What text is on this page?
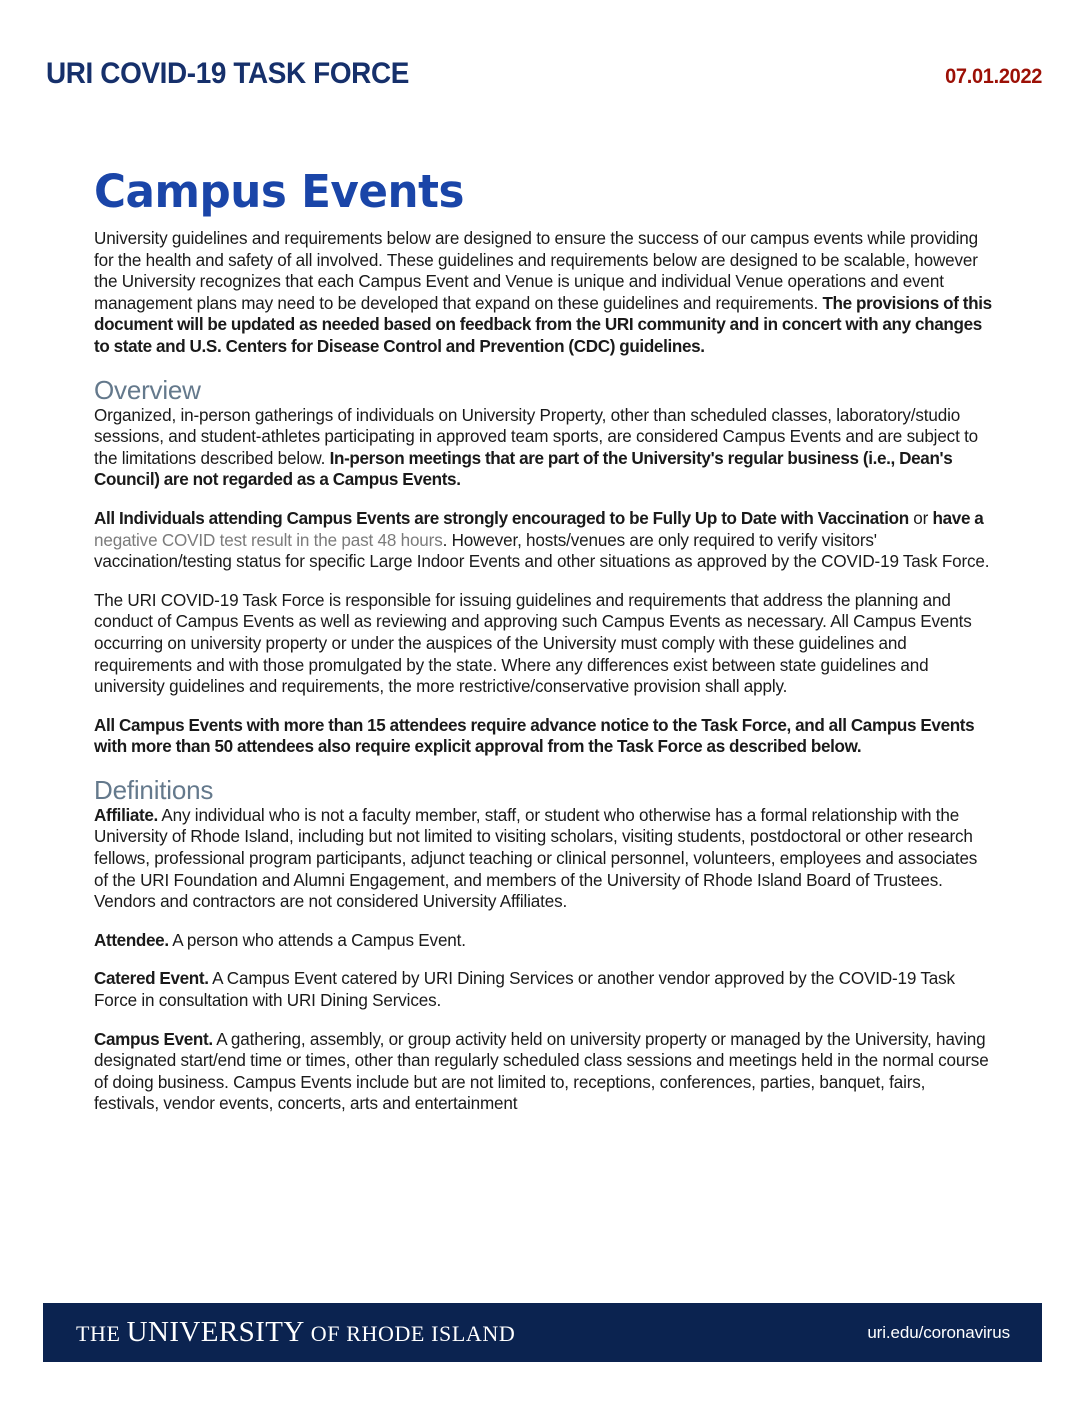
URI COVID-19 TASK FORCE	07.01.2022
Campus Events

University guidelines and requirements below are designed to ensure the success of our campus events while providing for the health and safety of all involved. These guidelines and requirements below are designed to be scalable, however the University recognizes that each Campus Event and Venue is unique and individual Venue operations and event management plans may need to be developed that expand on these guidelines and requirements. The provisions of this document will be updated as needed based on feedback from the URI community and in concert with any changes to state and U.S. Centers for Disease Control and Prevention (CDC) guidelines.

Overview

Organized, in-person gatherings of individuals on University Property, other than scheduled classes, laboratory/studio sessions, and student-athletes participating in approved team sports, are considered Campus Events and are subject to the limitations described below. In-person meetings that are part of the University's regular business (i.e., Dean's Council) are not regarded as a Campus Events.

All Individuals attending Campus Events are strongly encouraged to be Fully Up to Date with Vaccination or have a negative COVID test result in the past 48 hours. However, hosts/venues are only required to verify visitors' vaccination/testing status for specific Large Indoor Events and other situations as approved by the COVID-19 Task Force.

The URI COVID-19 Task Force is responsible for issuing guidelines and requirements that address the planning and conduct of Campus Events as well as reviewing and approving such Campus Events as necessary. All Campus Events occurring on university property or under the auspices of the University must comply with these guidelines and requirements and with those promulgated by the state. Where any differences exist between state guidelines and university guidelines and requirements, the more restrictive/conservative provision shall apply.

All Campus Events with more than 15 attendees require advance notice to the Task Force, and all Campus Events with more than 50 attendees also require explicit approval from the Task Force as described below.

Definitions

Affiliate. Any individual who is not a faculty member, staff, or student who otherwise has a formal relationship with the University of Rhode Island, including but not limited to visiting scholars, visiting students, postdoctoral or other research fellows, professional program participants, adjunct teaching or clinical personnel, volunteers, employees and associates of the URI Foundation and Alumni Engagement, and members of the University of Rhode Island Board of Trustees. Vendors and contractors are not considered University Affiliates.

Attendee. A person who attends a Campus Event.

Catered Event. A Campus Event catered by URI Dining Services or another vendor approved by the COVID-19 Task Force in consultation with URI Dining Services.

Campus Event. A gathering, assembly, or group activity held on university property or managed by the University, having designated start/end time or times, other than regularly scheduled class sessions and meetings held in the normal course of doing business. Campus Events include but are not limited to, receptions, conferences, parties, banquet, fairs, festivals, vendor events, concerts, arts and entertainment

THE UNIVERSITY OF RHODE ISLAND	uri.edu/coronavirus
